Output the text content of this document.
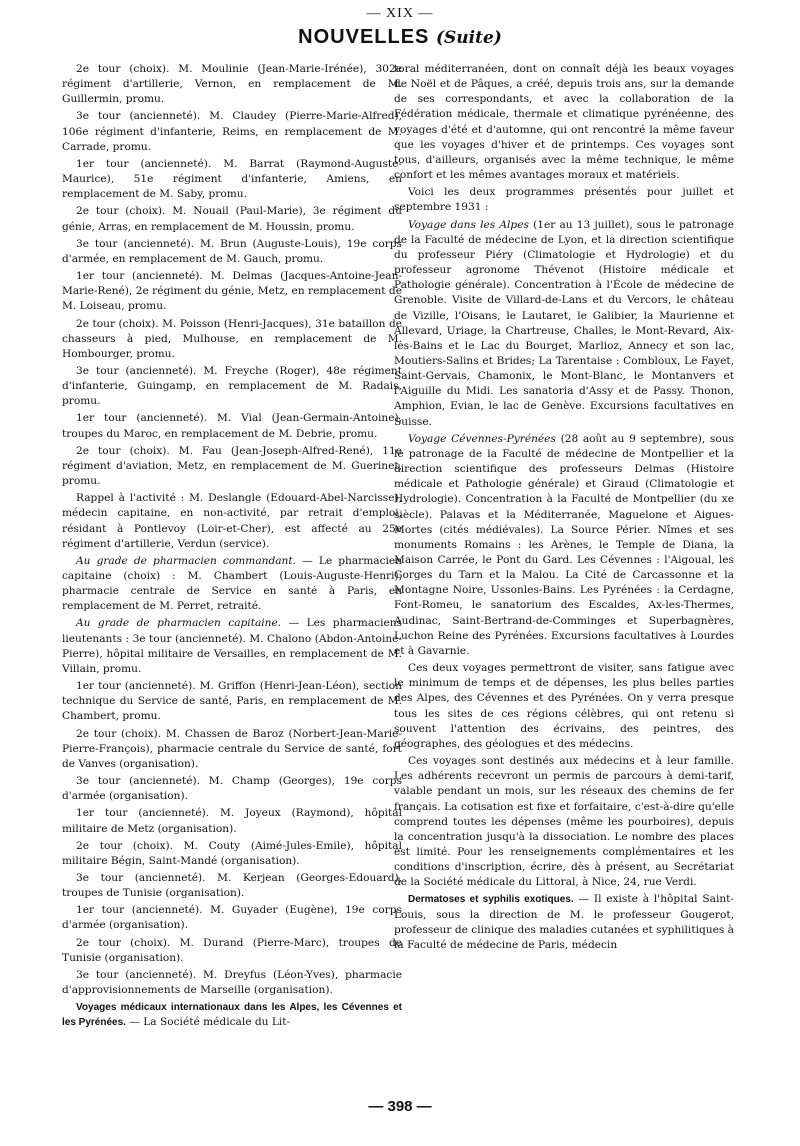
— XIX —
NOUVELLES (Suite)

2e tour (choix). M. Moulinie (Jean-Marie-Irénée), 302e régiment d'artillerie, Vernon, en remplacement de M. Guillermin, promu.

3e tour (ancienneté). M. Claudey (Pierre-Marie-Alfred), 106e régiment d'infanterie, Reims, en remplacement de M. Carrade, promu.

1er tour (ancienneté). M. Barrat (Raymond-Auguste-Maurice), 51e régiment d'infanterie, Amiens, en remplacement de M. Saby, promu.

2e tour (choix). M. Nouail (Paul-Marie), 3e régiment du génie, Arras, en remplacement de M. Houssin, promu.

3e tour (ancienneté). M. Brun (Auguste-Louis), 19e corps d'armée, en remplacement de M. Gauch, promu.

1er tour (ancienneté). M. Delmas (Jacques-Antoine-Jean-Marie-René), 2e régiment du génie, Metz, en remplacement de M. Loiseau, promu.

2e tour (choix). M. Poisson (Henri-Jacques), 31e bataillon de chasseurs à pied, Mulhouse, en remplacement de M. Hombourger, promu.

3e tour (ancienneté). M. Freyche (Roger), 48e régiment d'infanterie, Guingamp, en remplacement de M. Radais, promu.

1er tour (ancienneté). M. Vial (Jean-Germain-Antoine), troupes du Maroc, en remplacement de M. Debrie, promu.

2e tour (choix). M. Fau (Jean-Joseph-Alfred-René), 11e régiment d'aviation, Metz, en remplacement de M. Guerinet, promu.

Rappel à l'activité : M. Deslangle (Edouard-Abel-Narcisse), médecin capitaine, en non-activité, par retrait d'emploi, résidant à Pontlevoy (Loir-et-Cher), est affecté au 25e régiment d'artillerie, Verdun (service).

Au grade de pharmacien commandant. — Le pharmacien capitaine (choix) : M. Chambert (Louis-Auguste-Henri), pharmacie centrale de Service en santé à Paris, en remplacement de M. Perret, retraité.

Au grade de pharmacien capitaine. — Les pharmaciens lieutenants : 3e tour (ancienneté). M. Chalono (Abdon-Antoine-Pierre), hôpital militaire de Versailles, en remplacement de M. Villain, promu.

1er tour (ancienneté). M. Griffon (Henri-Jean-Léon), section technique du Service de santé, Paris, en remplacement de M. Chambert, promu.

2e tour (choix). M. Chassen de Baroz (Norbert-Jean-Marie-Pierre-François), pharmacie centrale du Service de santé, fort de Vanves (organisation).

3e tour (ancienneté). M. Champ (Georges), 19e corps d'armée (organisation).

1er tour (ancienneté). M. Joyeux (Raymond), hôpital militaire de Metz (organisation).

2e tour (choix). M. Couty (Aimé-Jules-Emile), hôpital militaire Bégin, Saint-Mandé (organisation).

3e tour (ancienneté). M. Kerjean (Georges-Edouard), troupes de Tunisie (organisation).

1er tour (ancienneté). M. Guyader (Eugène), 19e corps d'armée (organisation).

2e tour (choix). M. Durand (Pierre-Marc), troupes de Tunisie (organisation).

3e tour (ancienneté). M. Dreyfus (Léon-Yves), pharmacie d'approvisionnements de Marseille (organisation).

Voyages médicaux internationaux dans les Alpes, les Cévennes et les Pyrénées. — La Société médicale du Lit-

toral méditerranéen, dont on connaît déjà les beaux voyages de Noël et de Pâques, a créé, depuis trois ans, sur la demande de ses correspondants, et avec la collaboration de la Fédération médicale, thermale et climatique pyrénéenne, des voyages d'été et d'automne, qui ont rencontré la même faveur que les voyages d'hiver et de printemps. Ces voyages sont tous, d'ailleurs, organisés avec la même technique, le même confort et les mêmes avantages moraux et matériels.

Voici les deux programmes présentés pour juillet et septembre 1931 :

Voyage dans les Alpes (1er au 13 juillet), sous le patronage de la Faculté de médecine de Lyon, et la direction scientifique du professeur Piéry (Climatologie et Hydrologie) et du professeur agronome Thévenot (Histoire médicale et Pathologie générale). Concentration à l'École de médecine de Grenoble. Visite de Villard-de-Lans et du Vercors, le château de Vizille, l'Oisans, le Lautaret, le Galibier, la Maurienne et Allevard, Uriage, la Chartreuse, Challes, le Mont-Revard, Aix-les-Bains et le Lac du Bourget, Marlioz, Annecy et son lac, Moutiers-Salins et Brides; La Tarentaise : Combloux, Le Fayet, Saint-Gervais, Chamonix, le Mont-Blanc, le Montanvers et l'Aiguille du Midi. Les sanatoria d'Assy et de Passy. Thonon, Amphion, Evian, le lac de Genève. Excursions facultatives en Suisse.

Voyage Cévennes-Pyrénées (28 août au 9 septembre), sous le patronage de la Faculté de médecine de Montpellier et la direction scientifique des professeurs Delmas (Histoire médicale et Pathologie générale) et Giraud (Climatologie et Hydrologie). Concentration à la Faculté de Montpellier (du xe siècle). Palavas et la Méditerranée, Maguelone et Aigues-Mortes (cités médiévales). La Source Périer. Nîmes et ses monuments Romains : les Arènes, le Temple de Diana, la Maison Carrée, le Pont du Gard. Les Cévennes : l'Aigoual, les Gorges du Tarn et la Malou. La Cité de Carcassonne et la Montagne Noire, Ussonles-Bains. Les Pyrénées : la Cerdagne, Font-Romeu, le sanatorium des Escaldes, Ax-les-Thermes, Audinac, Saint-Bertrand-de-Comminges et Superbagnères, Luchon Reine des Pyrénées. Excursions facultatives à Lourdes et à Gavarnie.

Ces deux voyages permettront de visiter, sans fatigue avec le minimum de temps et de dépenses, les plus belles parties des Alpes, des Cévennes et des Pyrénées. On y verra presque tous les sites de ces régions célèbres, qui ont retenu si souvent l'attention des écrivains, des peintres, des géographes, des géologues et des médecins.

Ces voyages sont destinés aux médecins et à leur famille. Les adhérents recevront un permis de parcours à demi-tarif, valable pendant un mois, sur les réseaux des chemins de fer français. La cotisation est fixe et forfaitaire, c'est-à-dire qu'elle comprend toutes les dépenses (même les pourboires), depuis la concentration jusqu'à la dissociation. Le nombre des places est limité. Pour les renseignements complémentaires et les conditions d'inscription, écrire, dès à présent, au Secrétariat de la Société médicale du Littoral, à Nice, 24, rue Verdi.

Dermatoses et syphilis exotiques. — Il existe à l'hôpital Saint-Louis, sous la direction de M. le professeur Gougerot, professeur de clinique des maladies cutanées et syphilitiques à la Faculté de médecine de Paris, médecin

— 398 —
